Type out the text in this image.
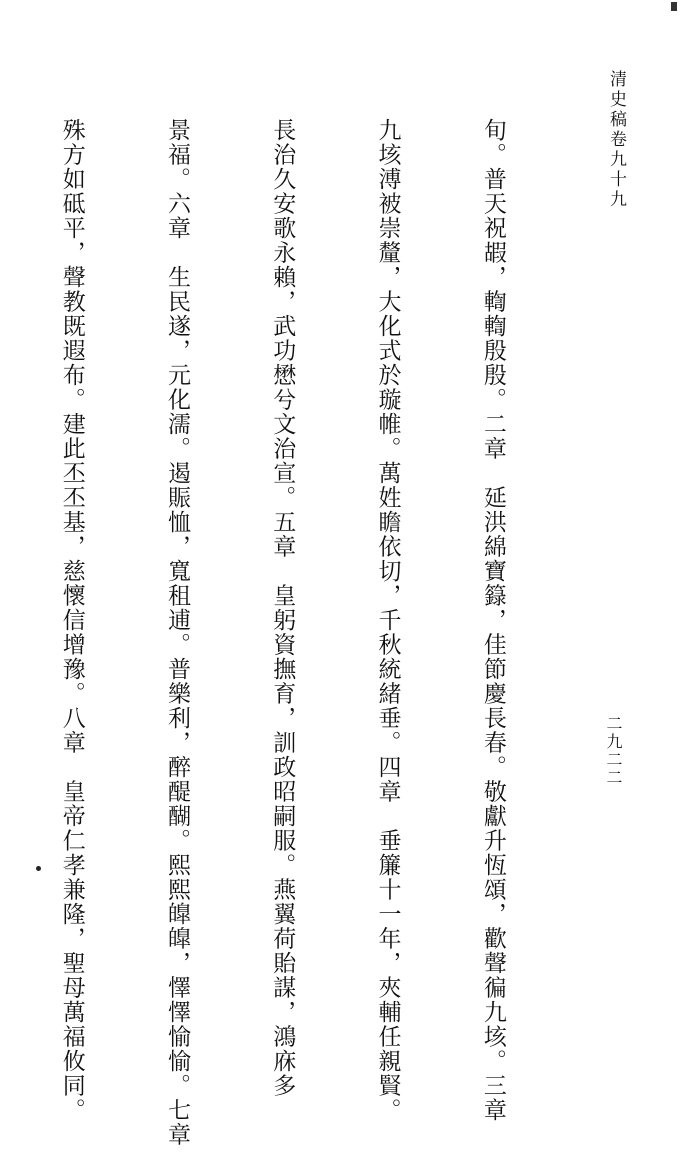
清史稿卷九十九
二九二二

旬。普天祝嘏，輷輷殷殷。二章　延洪綿寶籙，佳節慶長春。敬獻升恆頌，歡聲徧九垓。三章

九垓溥被崇釐，大化式於璇帷。萬姓瞻依切，千秋統緒垂。四章　垂簾十一年，夾輔任親賢。

長治久安歌永賴，武功懋兮文治宣。五章　皇躬資撫育，訓政昭嗣服。燕翼荷貽謀，鴻庥多

景福。六章　生民遂，元化濡。遏賑恤，寬租逋。普樂利，醉醍醐。熙熙皥皥，懌懌愉愉。七章

殊方如砥平，聲教既遐布。建此丕丕基，慈懷信增豫。八章　皇帝仁孝兼隆，聖母萬福攸同。
